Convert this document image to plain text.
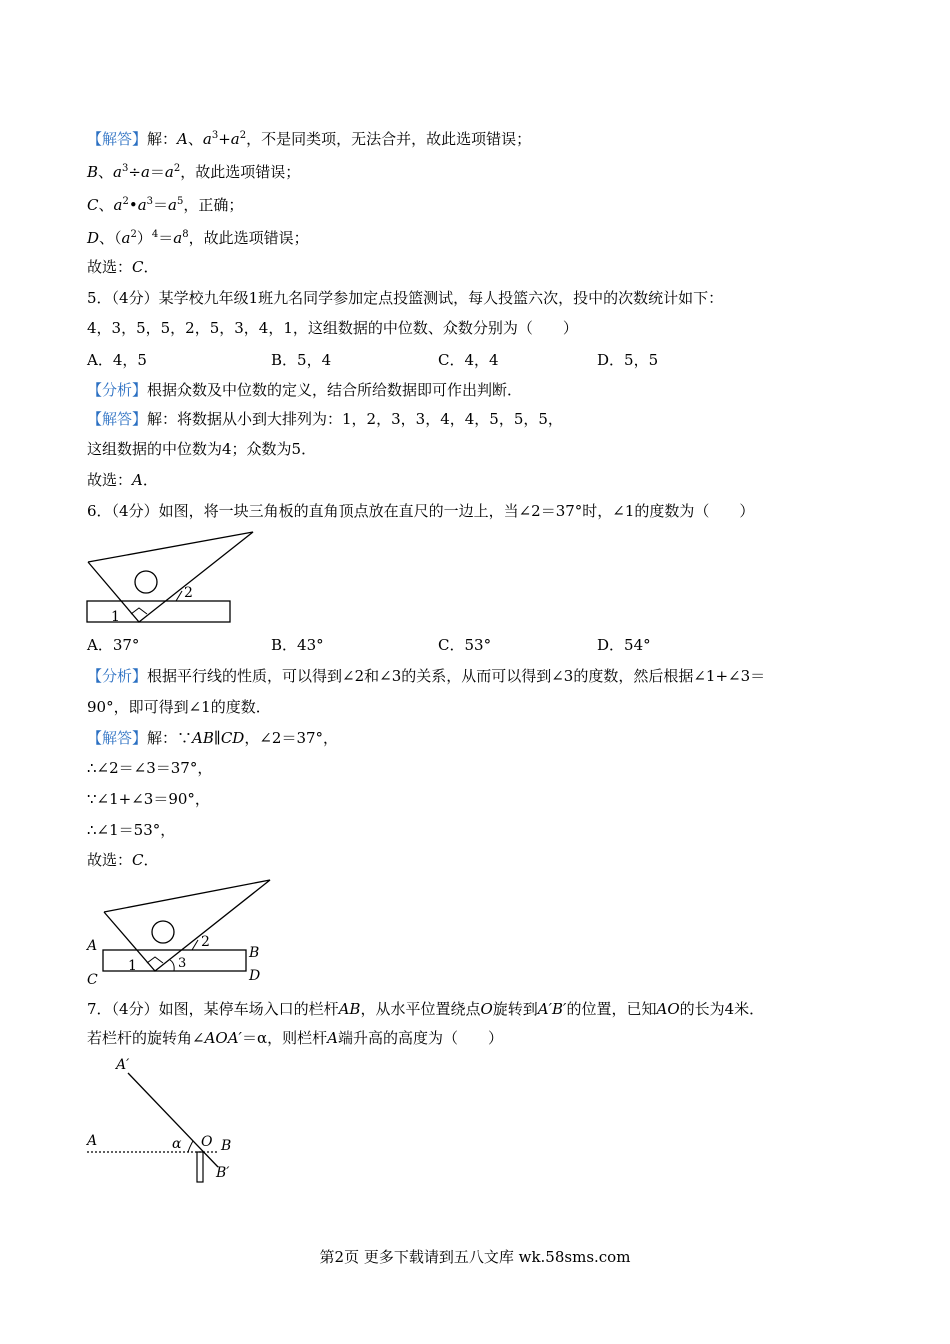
【解答】解：A、$a^3+a^2$，不是同类项，无法合并，故此选项错误；
B、$a^3\div a=a^2$，故此选项错误；
C、$a^2•a^3=a^5$，正确；
D、$(a^2)^4=a^8$，故此选项错误；
故选：C．
5．（4分）某学校九年级1班九名同学参加定点投篮测试，每人投篮六次，投中的次数统计如下：
4，3，5，5，2，5，3，4，1，这组数据的中位数、众数分别为（　　）
A．4，5	B．5，4	C．4，4	D．5，5
【分析】根据众数及中位数的定义，结合所给数据即可作出判断．
【解答】解：将数据从小到大排列为：1，2，3，3，4，4，5，5，5，
这组数据的中位数为4；众数为5．
故选：A．
6．（4分）如图，将一块三角板的直角顶点放在直尺的一边上，当∠2＝37°时，∠1的度数为（　　）
1
2
A．37°	B．43°	C．53°	D．54°
【分析】根据平行线的性质，可以得到∠2和∠3的关系，从而可以得到∠3的度数，然后根据∠1+∠3＝
90°，即可得到∠1的度数．
【解答】解：∵AB∥CD，∠2＝37°，
∴∠2＝∠3＝37°，
∵∠1+∠3＝90°，
∴∠1＝53°，
故选：C．
A	B
C	D
1
2
3
7．（4分）如图，某停车场入口的栏杆AB，从水平位置绕点O旋转到A′B′的位置，已知AO的长为4米．
若栏杆的旋转角∠AOA′＝α，则栏杆A端升高的高度为（　　）
A′
A	α O B
B′
第2页 更多下载请到五八文库 wk.58sms.com
